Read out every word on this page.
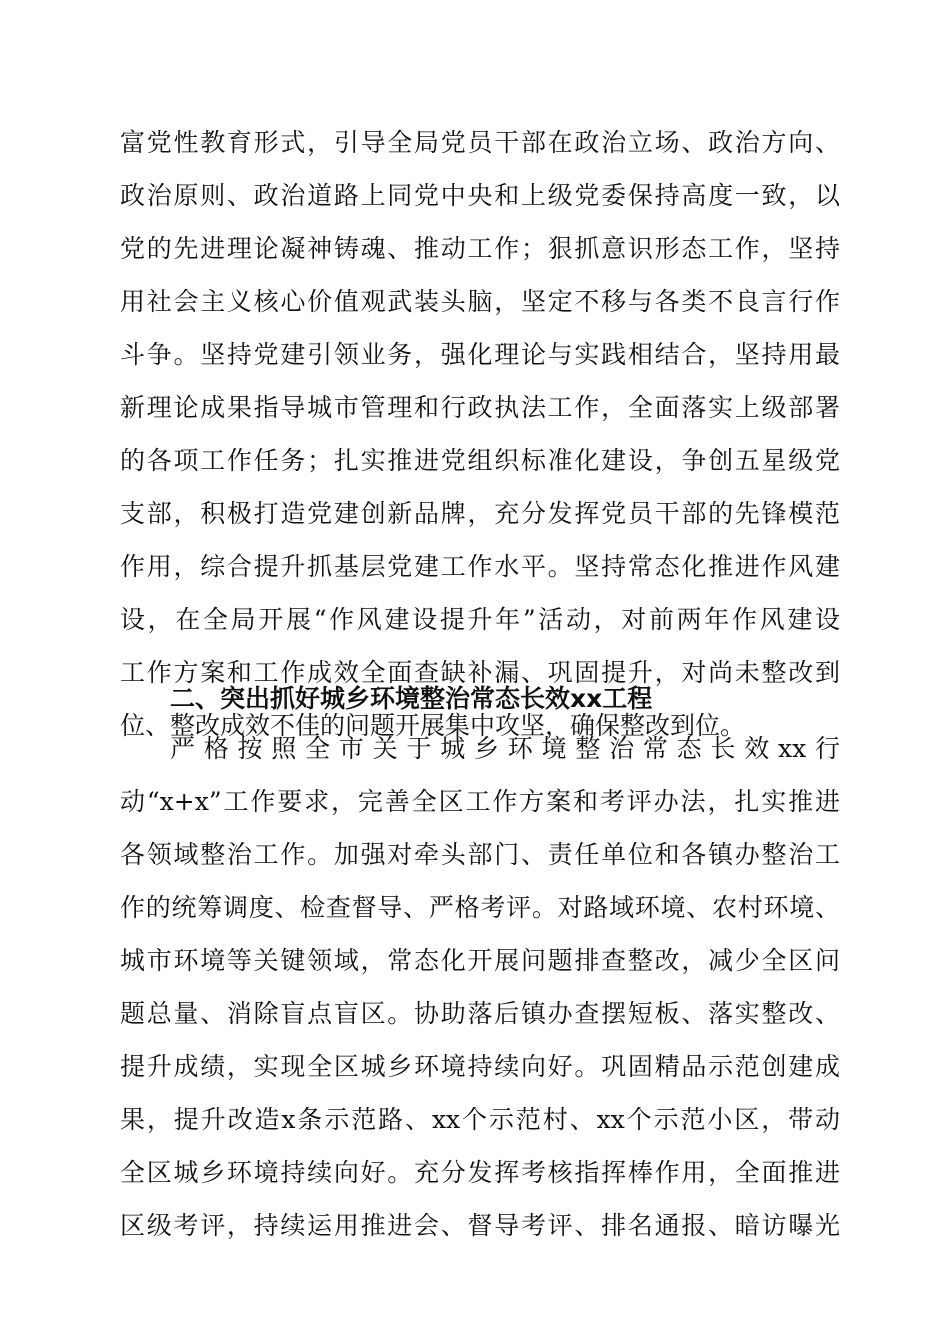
富党性教育形式，引导全局党员干部在政治立场、政治方向、
政治原则、政治道路上同党中央和上级党委保持高度一致，以
党的先进理论凝神铸魂、推动工作；狠抓意识形态工作，坚持
用社会主义核心价值观武装头脑，坚定不移与各类不良言行作
斗争。坚持党建引领业务，强化理论与实践相结合，坚持用最
新理论成果指导城市管理和行政执法工作，全面落实上级部署
的各项工作任务；扎实推进党组织标准化建设，争创五星级党
支部，积极打造党建创新品牌，充分发挥党员干部的先锋模范
作用，综合提升抓基层党建工作水平。坚持常态化推进作风建
设，在全局开展“作风建设提升年”活动，对前两年作风建设
工作方案和工作成效全面查缺补漏、巩固提升，对尚未整改到
位、整改成效不佳的问题开展集中攻坚，确保整改到位。
二、突出抓好城乡环境整治常态长效xx工程
严格按照全市关于城乡环境整治常态长效xx行
动“x+x”工作要求，完善全区工作方案和考评办法，扎实推进
各领域整治工作。加强对牵头部门、责任单位和各镇办整治工
作的统筹调度、检查督导、严格考评。对路域环境、农村环境、
城市环境等关键领域，常态化开展问题排查整改，减少全区问
题总量、消除盲点盲区。协助落后镇办查摆短板、落实整改、
提升成绩，实现全区城乡环境持续向好。巩固精品示范创建成
果，提升改造x条示范路、xx个示范村、xx个示范小区，带动
全区城乡环境持续向好。充分发挥考核指挥棒作用，全面推进
区级考评，持续运用推进会、督导考评、排名通报、暗访曝光
